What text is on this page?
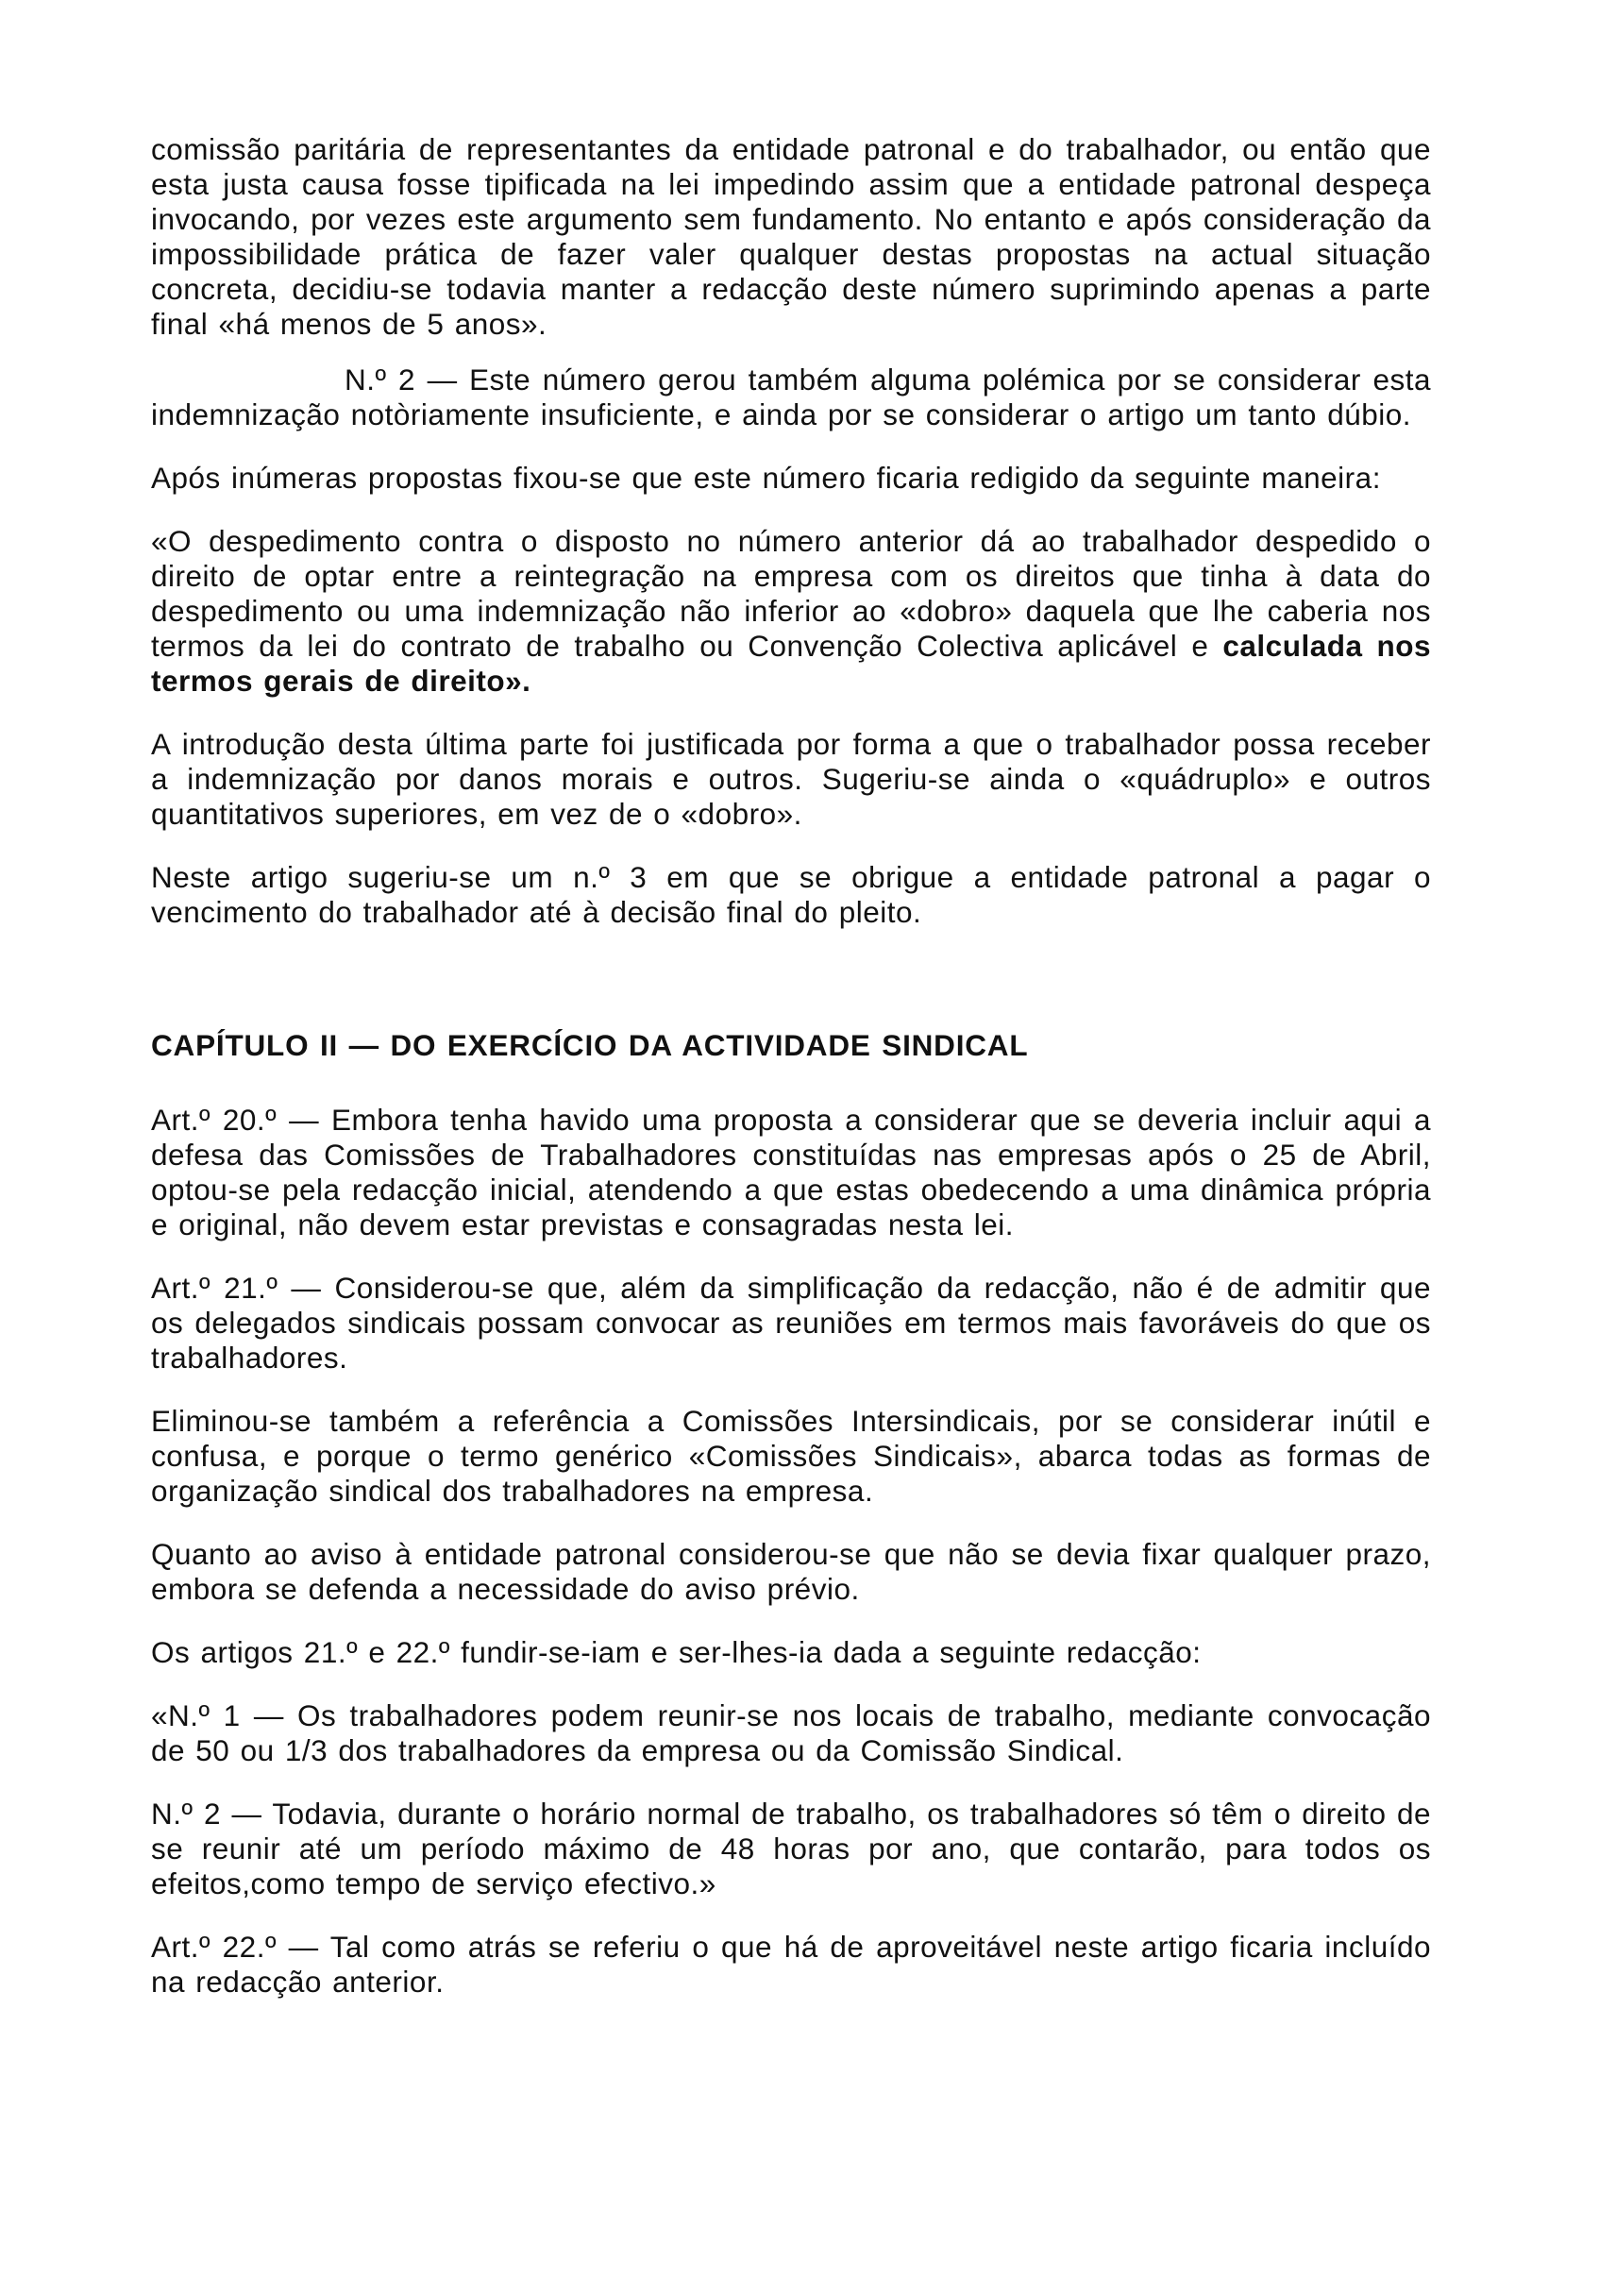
comissão paritária de representantes da entidade patronal e do trabalhador, ou então que esta justa causa fosse tipificada na lei impedindo assim que a entidade patronal despeça invocando, por vezes este argumento sem fundamento. No entanto e após consideração da impossibilidade prática de fazer valer qualquer destas propostas na actual situação concreta, decidiu-se todavia manter a redacção deste número suprimindo apenas a parte final «há menos de 5 anos».

N.º 2 — Este número gerou também alguma polémica por se considerar esta indemnização notòriamente insuficiente, e ainda por se considerar o artigo um tanto dúbio.

Após inúmeras propostas fixou-se que este número ficaria redigido da seguinte maneira:

«O despedimento contra o disposto no número anterior dá ao trabalhador despedido o direito de optar entre a reintegração na empresa com os direitos que tinha à data do despedimento ou uma indemnização não inferior ao «dobro» daquela que lhe caberia nos termos da lei do contrato de trabalho ou Convenção Colectiva aplicável e calculada nos termos gerais de direito».

A introdução desta última parte foi justificada por forma a que o trabalhador possa receber a indemnização por danos morais e outros. Sugeriu-se ainda o «quádruplo» e outros quantitativos superiores, em vez de o «dobro».

Neste artigo sugeriu-se um n.º 3 em que se obrigue a entidade patronal a pagar o vencimento do trabalhador até à decisão final do pleito.

CAPÍTULO II — DO EXERCÍCIO DA ACTIVIDADE SINDICAL

Art.º 20.º — Embora tenha havido uma proposta a considerar que se deveria incluir aqui a defesa das Comissões de Trabalhadores constituídas nas empresas após o 25 de Abril, optou-se pela redacção inicial, atendendo a que estas obedecendo a uma dinâmica própria e original, não devem estar previstas e consagradas nesta lei.

Art.º 21.º — Considerou-se que, além da simplificação da redacção, não é de admitir que os delegados sindicais possam convocar as reuniões em termos mais favoráveis do que os trabalhadores.

Eliminou-se também a referência a Comissões Intersindicais, por se considerar inútil e confusa, e porque o termo genérico «Comissões Sindicais», abarca todas as formas de organização sindical dos trabalhadores na empresa.

Quanto ao aviso à entidade patronal considerou-se que não se devia fixar qualquer prazo, embora se defenda a necessidade do aviso prévio.

Os artigos 21.º e 22.º fundir-se-iam e ser-lhes-ia dada a seguinte redacção:

«N.º 1 — Os trabalhadores podem reunir-se nos locais de trabalho, mediante convocação de 50 ou 1/3 dos trabalhadores da empresa ou da Comissão Sindical.

N.º 2 — Todavia, durante o horário normal de trabalho, os trabalhadores só têm o direito de se reunir até um período máximo de 48 horas por ano, que contarão, para todos os efeitos,como tempo de serviço efectivo.»

Art.º 22.º — Tal como atrás se referiu o que há de aproveitável neste artigo ficaria incluído na redacção anterior.
